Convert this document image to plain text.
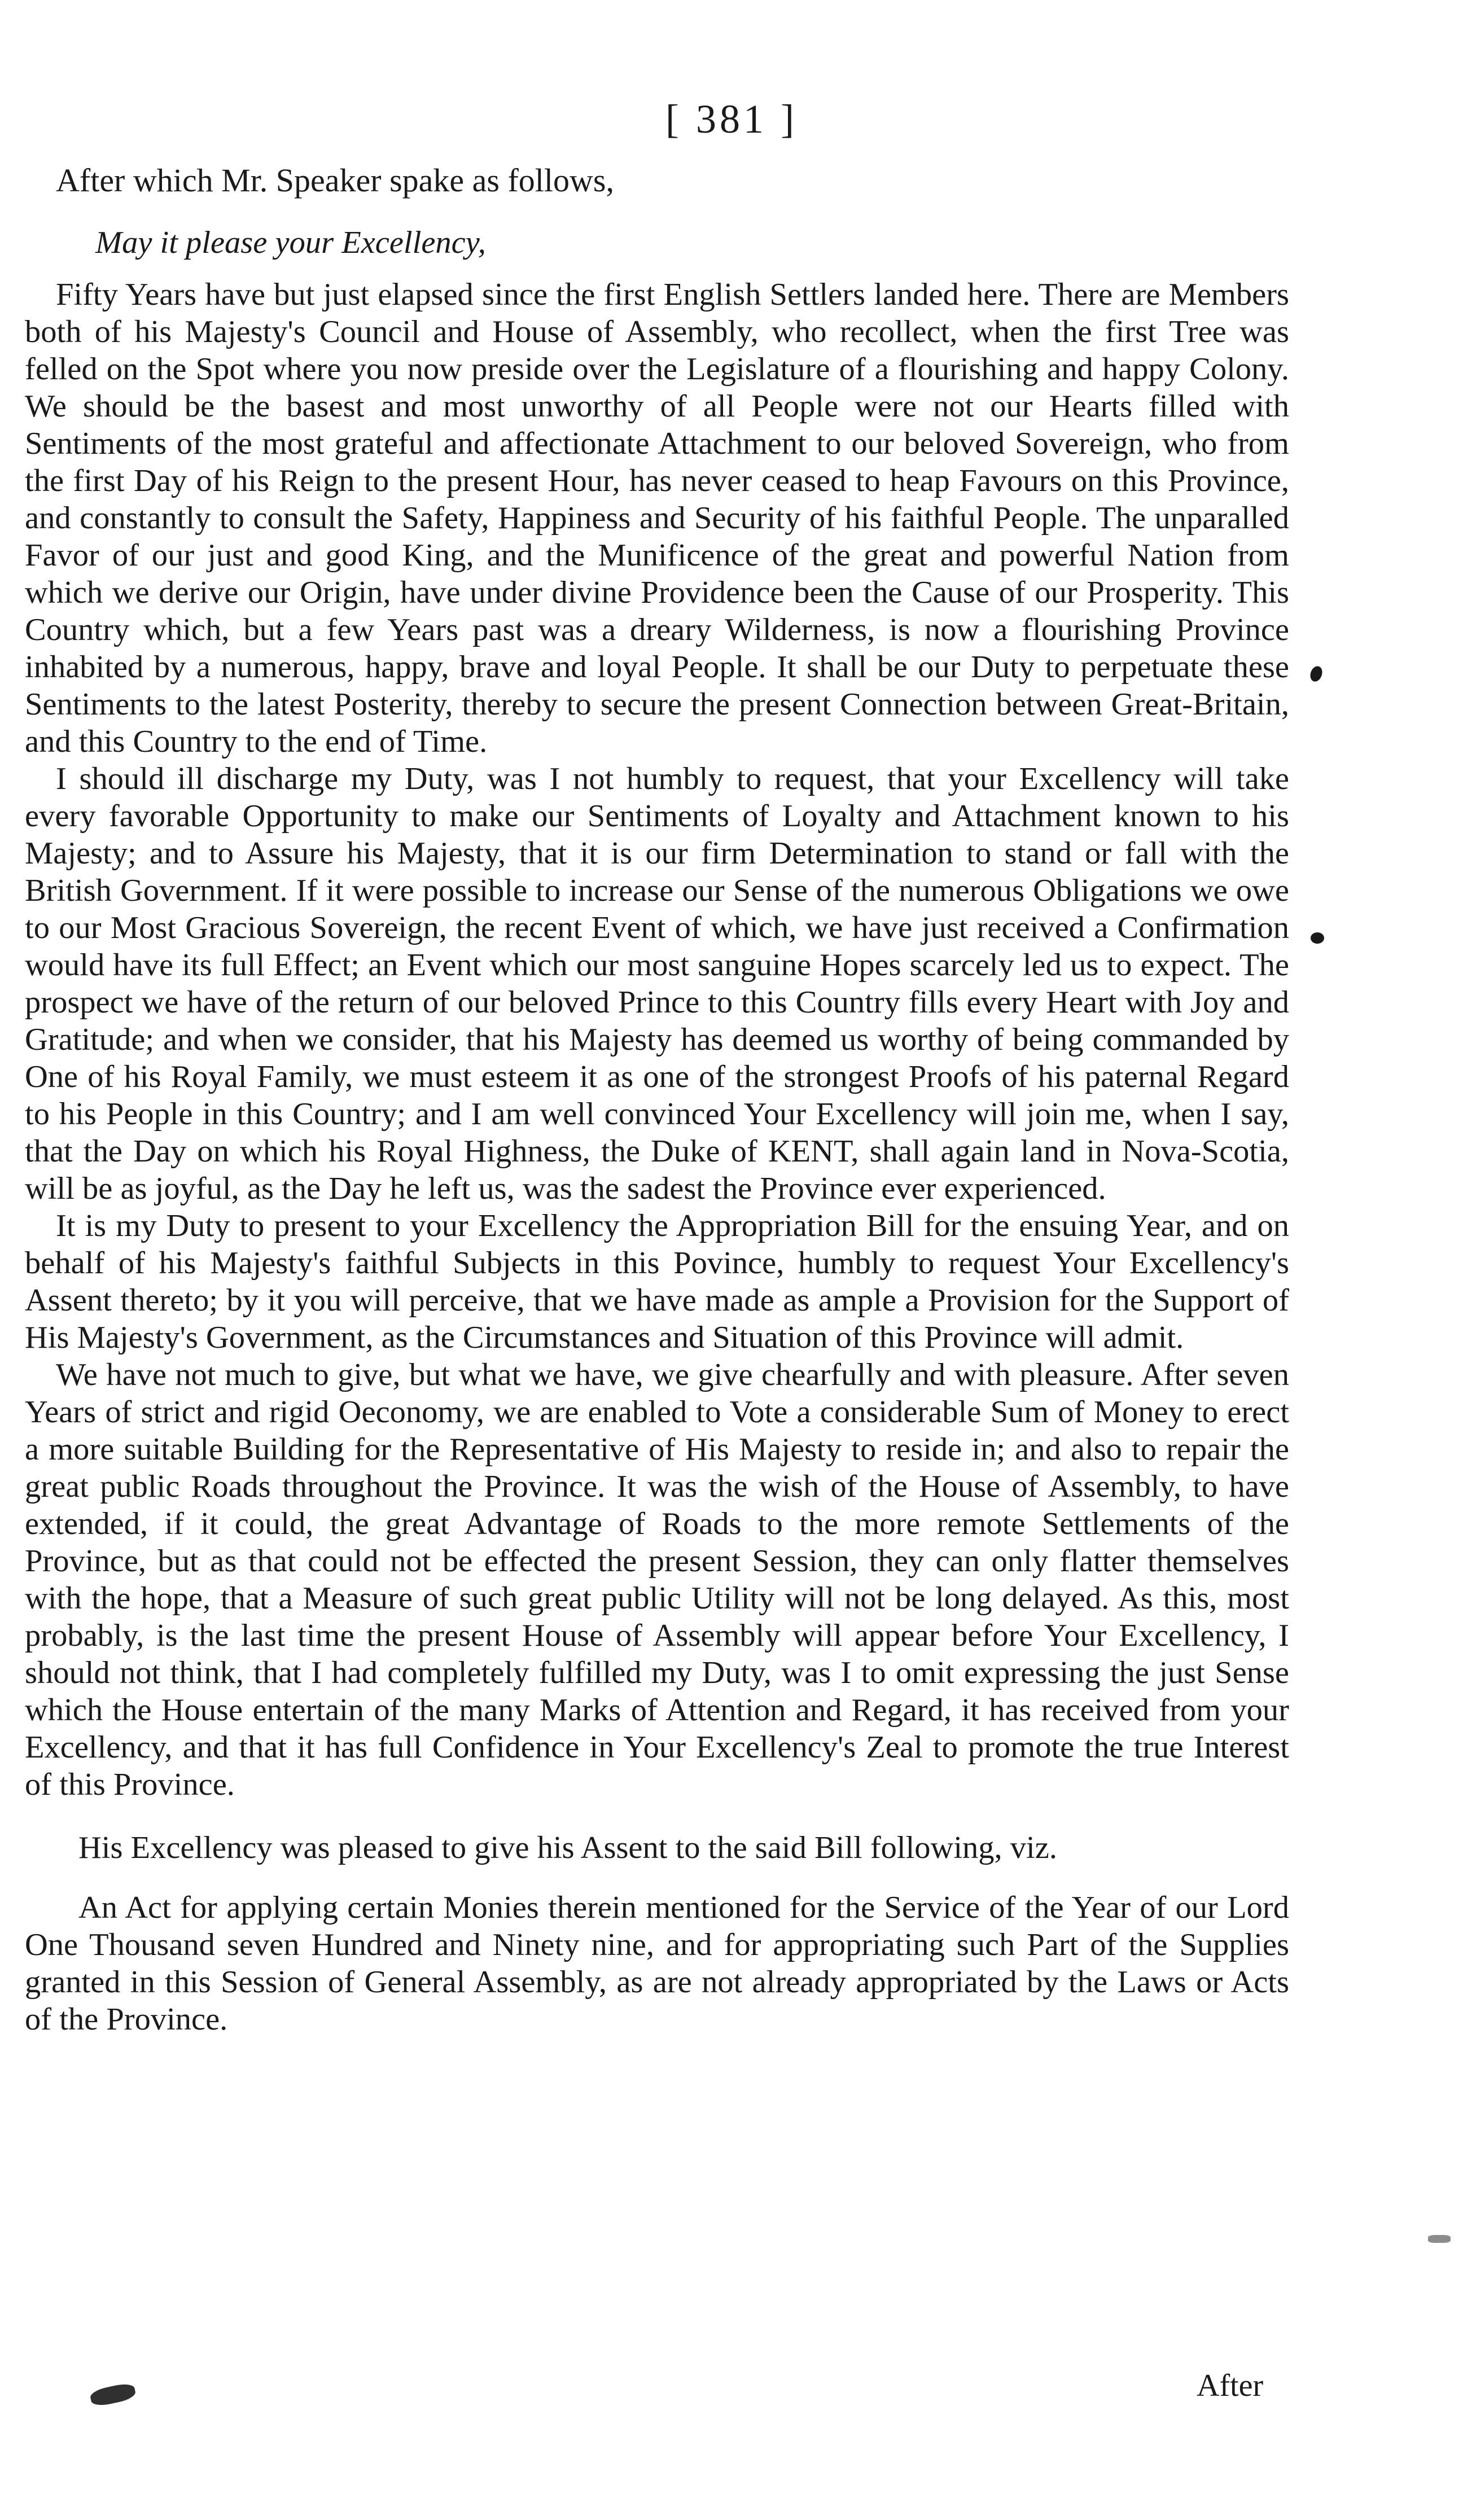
[ 381 ]

After which Mr. Speaker spake as follows,

May it please your Excellency,

Fifty Years have but just elapsed since the first English Settlers landed here. There are Members both of his Majesty's Council and House of Assembly, who recollect, when the first Tree was felled on the Spot where you now preside over the Legislature of a flourishing and happy Colony. We should be the basest and most unworthy of all People were not our Hearts filled with Sentiments of the most grateful and affectionate Attachment to our beloved Sovereign, who from the first Day of his Reign to the present Hour, has never ceased to heap Favours on this Province, and constantly to consult the Safety, Happiness and Security of his faithful People. The unparalled Favor of our just and good King, and the Munificence of the great and powerful Nation from which we derive our Origin, have under divine Providence been the Cause of our Prosperity. This Country which, but a few Years past was a dreary Wilderness, is now a flourishing Province inhabited by a numerous, happy, brave and loyal People. It shall be our Duty to perpetuate these Sentiments to the latest Posterity, thereby to secure the present Connection between Great-Britain, and this Country to the end of Time.

I should ill discharge my Duty, was I not humbly to request, that your Excellency will take every favorable Opportunity to make our Sentiments of Loyalty and Attachment known to his Majesty; and to Assure his Majesty, that it is our firm Determination to stand or fall with the British Government. If it were possible to increase our Sense of the numerous Obligations we owe to our Most Gracious Sovereign, the recent Event of which, we have just received a Confirmation would have its full Effect; an Event which our most sanguine Hopes scarcely led us to expect. The prospect we have of the return of our beloved Prince to this Country fills every Heart with Joy and Gratitude; and when we consider, that his Majesty has deemed us worthy of being commanded by One of his Royal Family, we must esteem it as one of the strongest Proofs of his paternal Regard to his People in this Country; and I am well convinced Your Excellency will join me, when I say, that the Day on which his Royal Highness, the Duke of KENT, shall again land in Nova-Scotia, will be as joyful, as the Day he left us, was the sadest the Province ever experienced.

It is my Duty to present to your Excellency the Appropriation Bill for the ensuing Year, and on behalf of his Majesty's faithful Subjects in this Povince, humbly to request Your Excellency's Assent thereto; by it you will perceive, that we have made as ample a Provision for the Support of His Majesty's Government, as the Circumstances and Situation of this Province will admit.

We have not much to give, but what we have, we give chearfully and with pleasure. After seven Years of strict and rigid Oeconomy, we are enabled to Vote a considerable Sum of Money to erect a more suitable Building for the Representative of His Majesty to reside in; and also to repair the great public Roads throughout the Province. It was the wish of the House of Assembly, to have extended, if it could, the great Advantage of Roads to the more remote Settlements of the Province, but as that could not be effected the present Session, they can only flatter themselves with the hope, that a Measure of such great public Utility will not be long delayed. As this, most probably, is the last time the present House of Assembly will appear before Your Excellency, I should not think, that I had completely fulfilled my Duty, was I to omit expressing the just Sense which the House entertain of the many Marks of Attention and Regard, it has received from your Excellency, and that it has full Confidence in Your Excellency's Zeal to promote the true Interest of this Province.

His Excellency was pleased to give his Assent to the said Bill following, viz.

An Act for applying certain Monies therein mentioned for the Service of the Year of our Lord One Thousand seven Hundred and Ninety nine, and for appropriating such Part of the Supplies granted in this Session of General Assembly, as are not already appropriated by the Laws or Acts of the Province.

After
